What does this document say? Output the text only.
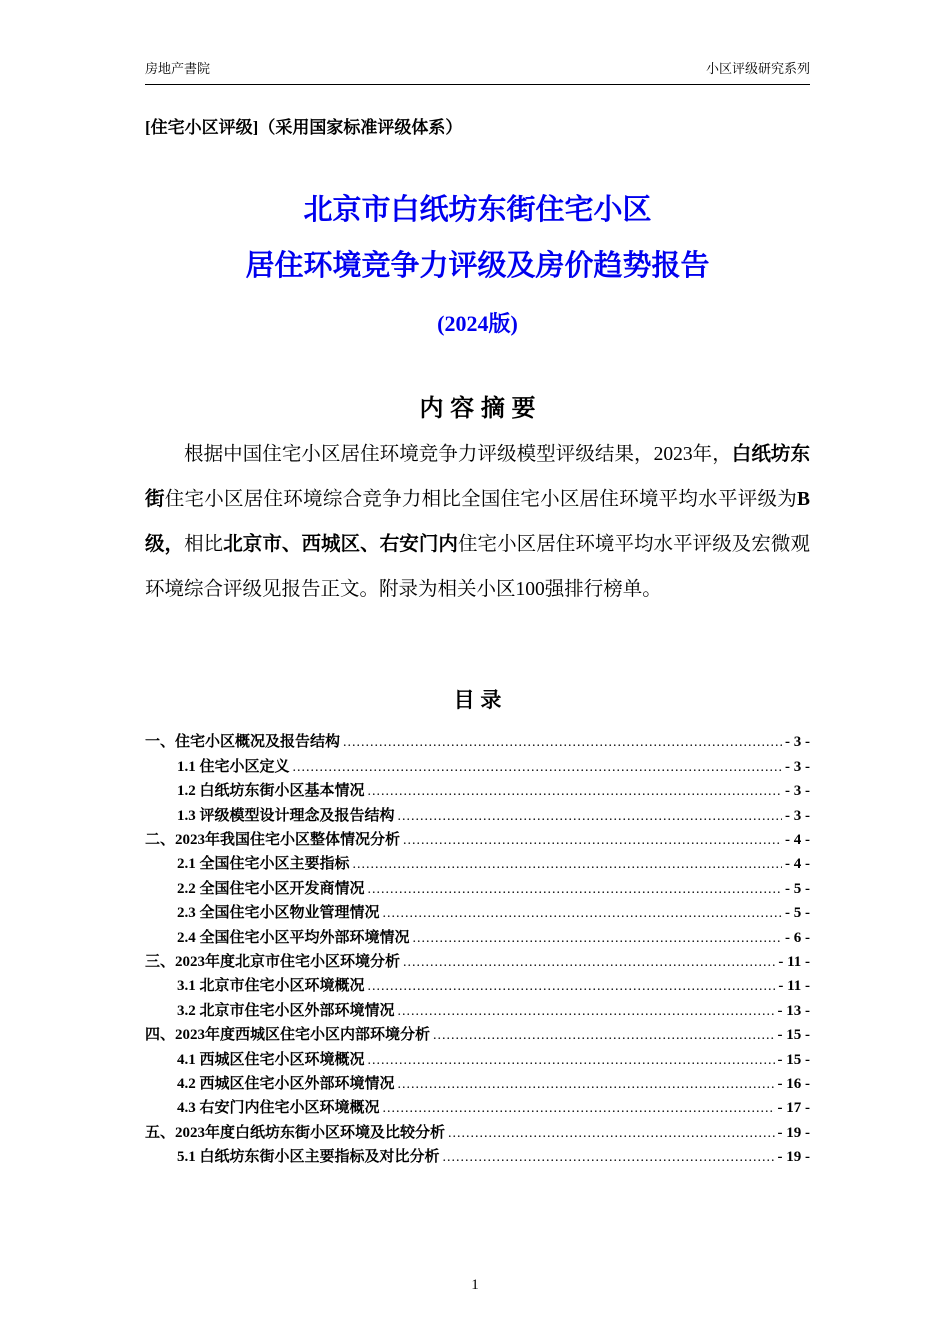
房地产書院	小区评级研究系列
[住宅小区评级]（采用国家标准评级体系）
北京市白纸坊东街住宅小区
居住环境竞争力评级及房价趋势报告
(2024版)
内 容 摘 要

根据中国住宅小区居住环境竞争力评级模型评级结果，2023年，白纸坊东街住宅小区居住环境综合竞争力相比全国住宅小区居住环境平均水平评级为B级，相比北京市、西城区、右安门内住宅小区居住环境平均水平评级及宏微观环境综合评级见报告正文。附录为相关小区100强排行榜单。

目 录
一、住宅小区概况及报告结构 .....	- 3 -
1.1 住宅小区定义 .....	- 3 -
1.2 白纸坊东街小区基本情况 .....	- 3 -
1.3 评级模型设计理念及报告结构 .....	- 3 -
二、2023年我国住宅小区整体情况分析 .....	- 4 -
2.1 全国住宅小区主要指标 .....	- 4 -
2.2 全国住宅小区开发商情况 .....	- 5 -
2.3 全国住宅小区物业管理情况 .....	- 5 -
2.4 全国住宅小区平均外部环境情况 .....	- 6 -
三、2023年度北京市住宅小区环境分析 .....	- 11 -
3.1 北京市住宅小区环境概况 .....	- 11 -
3.2 北京市住宅小区外部环境情况 .....	- 13 -
四、2023年度西城区住宅小区内部环境分析 .....	- 15 -
4.1 西城区住宅小区环境概况 .....	- 15 -
4.2 西城区住宅小区外部环境情况 .....	- 16 -
4.3 右安门内住宅小区环境概况 .....	- 17 -
五、2023年度白纸坊东街小区环境及比较分析 .....	- 19 -
5.1 白纸坊东街小区主要指标及对比分析 .....	- 19 -
1
